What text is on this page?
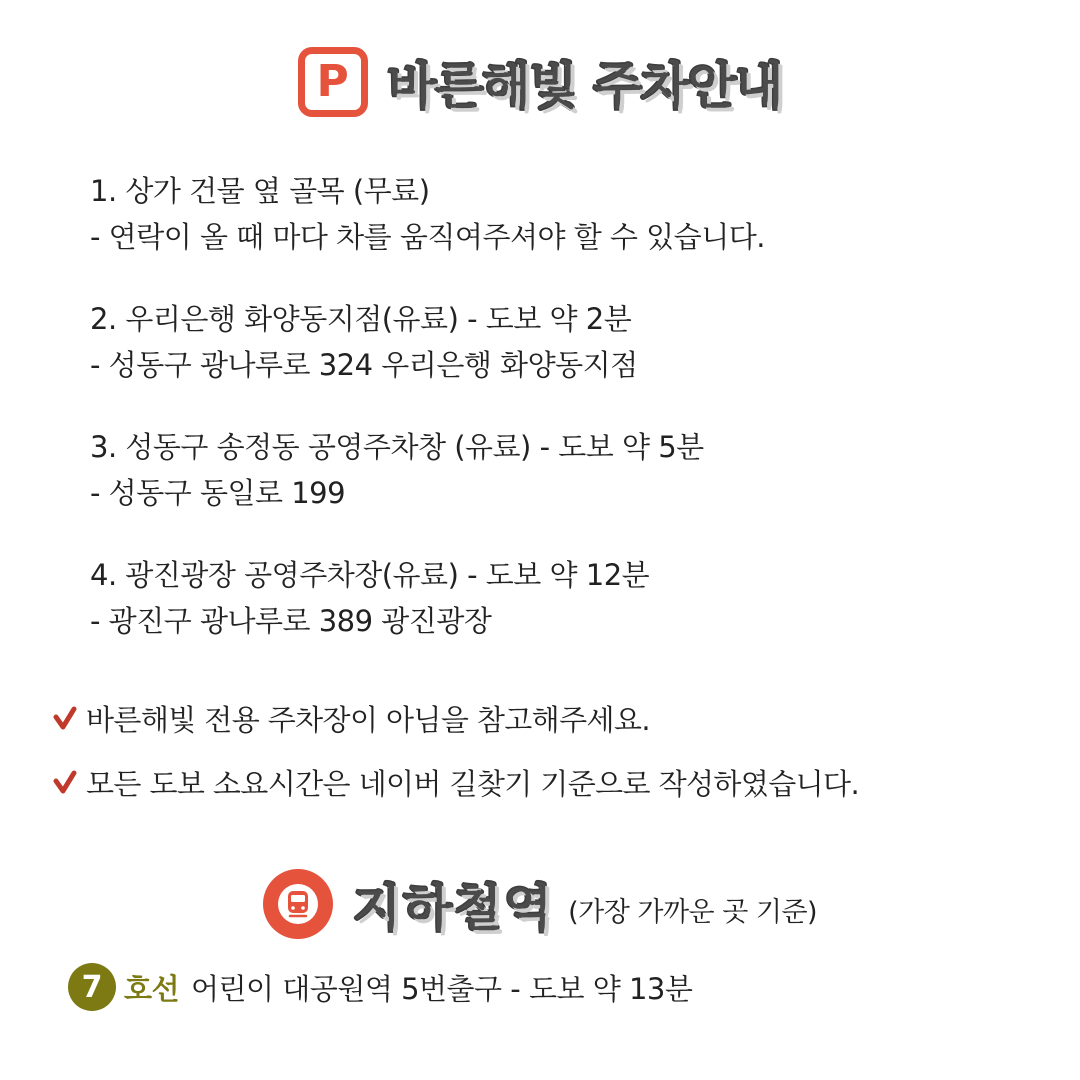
P 바른해빛 주차안내
1. 상가 건물 옆 골목 (무료)
- 연락이 올 때 마다 차를 움직여주셔야 할 수 있습니다.
2. 우리은행 화양동지점(유료) - 도보 약 2분
- 성동구 광나루로 324 우리은행 화양동지점
3. 성동구 송정동 공영주차창 (유료) - 도보 약 5분
- 성동구 동일로 199
4. 광진광장 공영주차장(유료) - 도보 약 12분
- 광진구 광나루로 389 광진광장
바른해빛 전용 주차장이 아님을 참고해주세요.
모든 도보 소요시간은 네이버 길찾기 기준으로 작성하였습니다.
지하철역 (가장 가까운 곳 기준)
7 호선 어린이 대공원역 5번출구 - 도보 약 13분
